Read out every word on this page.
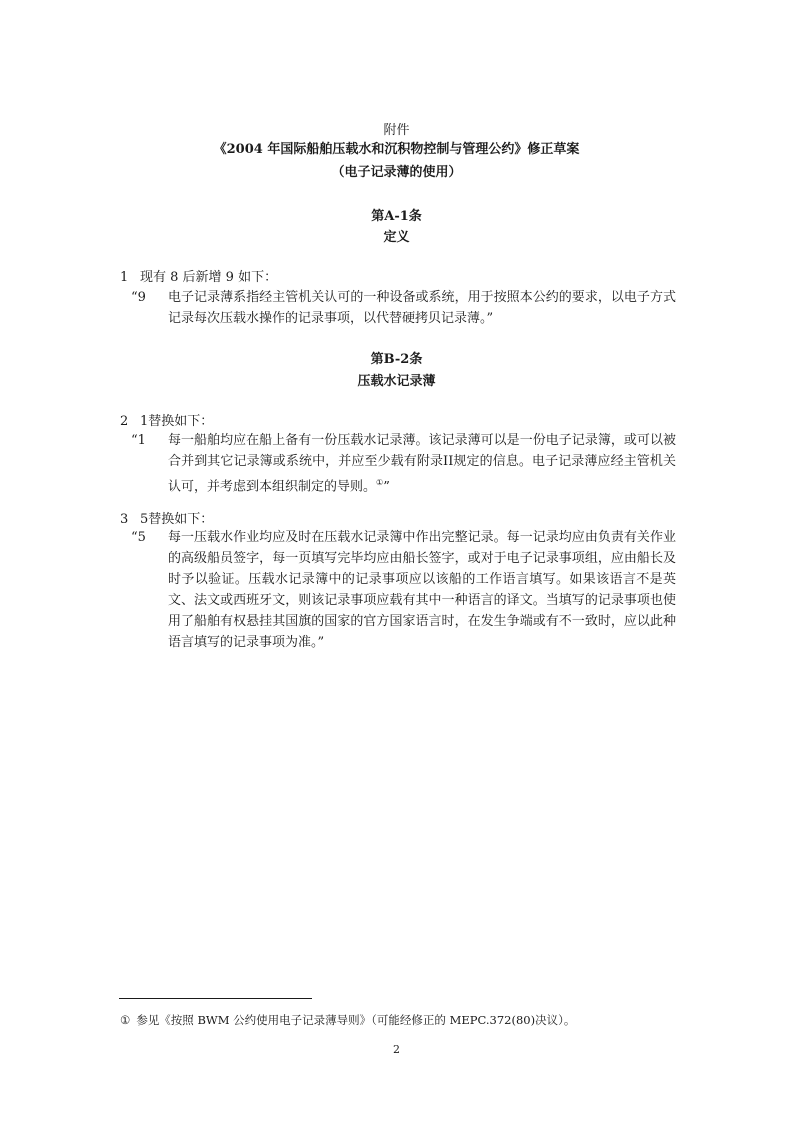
附件
《2004 年国际船舶压载水和沉积物控制与管理公约》修正草案
（电子记录薄的使用）
第A-1条
定义
1 现有 8 后新增 9 如下：
“9 电子记录薄系指经主管机关认可的一种设备或系统，用于按照本公约的要求，以电子方式记录每次压载水操作的记录事项，以代替硬拷贝记录薄。”
第B-2条
压载水记录薄
2 1替换如下：
“1 每一船舶均应在船上备有一份压载水记录薄。该记录薄可以是一份电子记录簿，或可以被合并到其它记录簿或系统中，并应至少载有附录II规定的信息。电子记录薄应经主管机关认可，并考虑到本组织制定的导则。①”
3 5替换如下：
“5 每一压载水作业均应及时在压载水记录簿中作出完整记录。每一记录均应由负责有关作业的高级船员签字，每一页填写完毕均应由船长签字，或对于电子记录事项组，应由船长及时予以验证。压载水记录簿中的记录事项应以该船的工作语言填写。如果该语言不是英文、法文或西班牙文，则该记录事项应载有其中一种语言的译文。当填写的记录事项也使用了船舶有权悬挂其国旗的国家的官方国家语言时，在发生争端或有不一致时，应以此种语言填写的记录事项为准。”
① 参见《按照 BWM 公约使用电子记录薄导则》（可能经修正的 MEPC.372(80)决议）。
2
